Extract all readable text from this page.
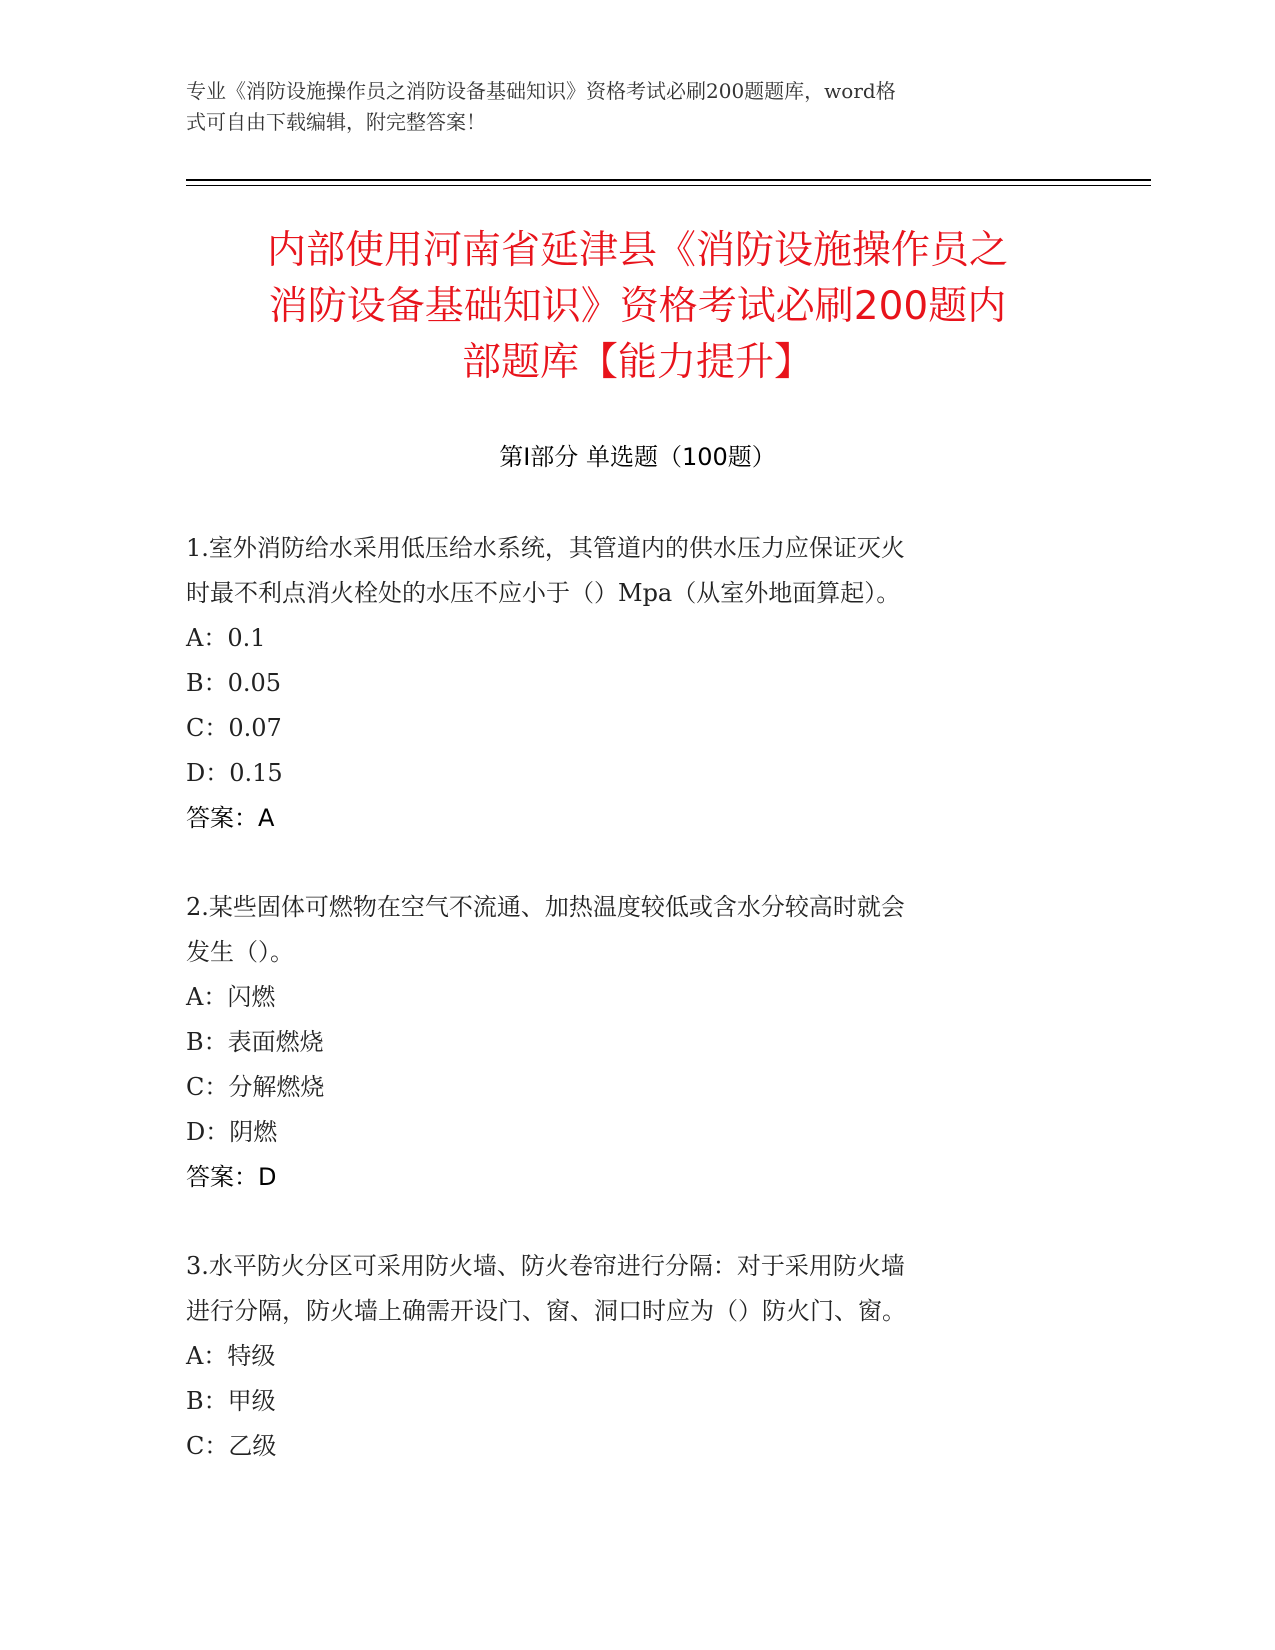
专业《消防设施操作员之消防设备基础知识》资格考试必刷200题题库，word格
式可自由下载编辑，附完整答案！
内部使用河南省延津县《消防设施操作员之
消防设备基础知识》资格考试必刷200题内
部题库【能力提升】
第Ⅰ部分 单选题（100题）
1.室外消防给水采用低压给水系统，其管道内的供水压力应保证灭火
时最不利点消火栓处的水压不应小于（）Mpa（从室外地面算起）。
A：0.1
B：0.05
C：0.07
D：0.15
答案：A
2.某些固体可燃物在空气不流通、加热温度较低或含水分较高时就会
发生（）。
A：闪燃
B：表面燃烧
C：分解燃烧
D：阴燃
答案：D
3.水平防火分区可采用防火墙、防火卷帘进行分隔：对于采用防火墙
进行分隔，防火墙上确需开设门、窗、洞口时应为（）防火门、窗。
A：特级
B：甲级
C：乙级
